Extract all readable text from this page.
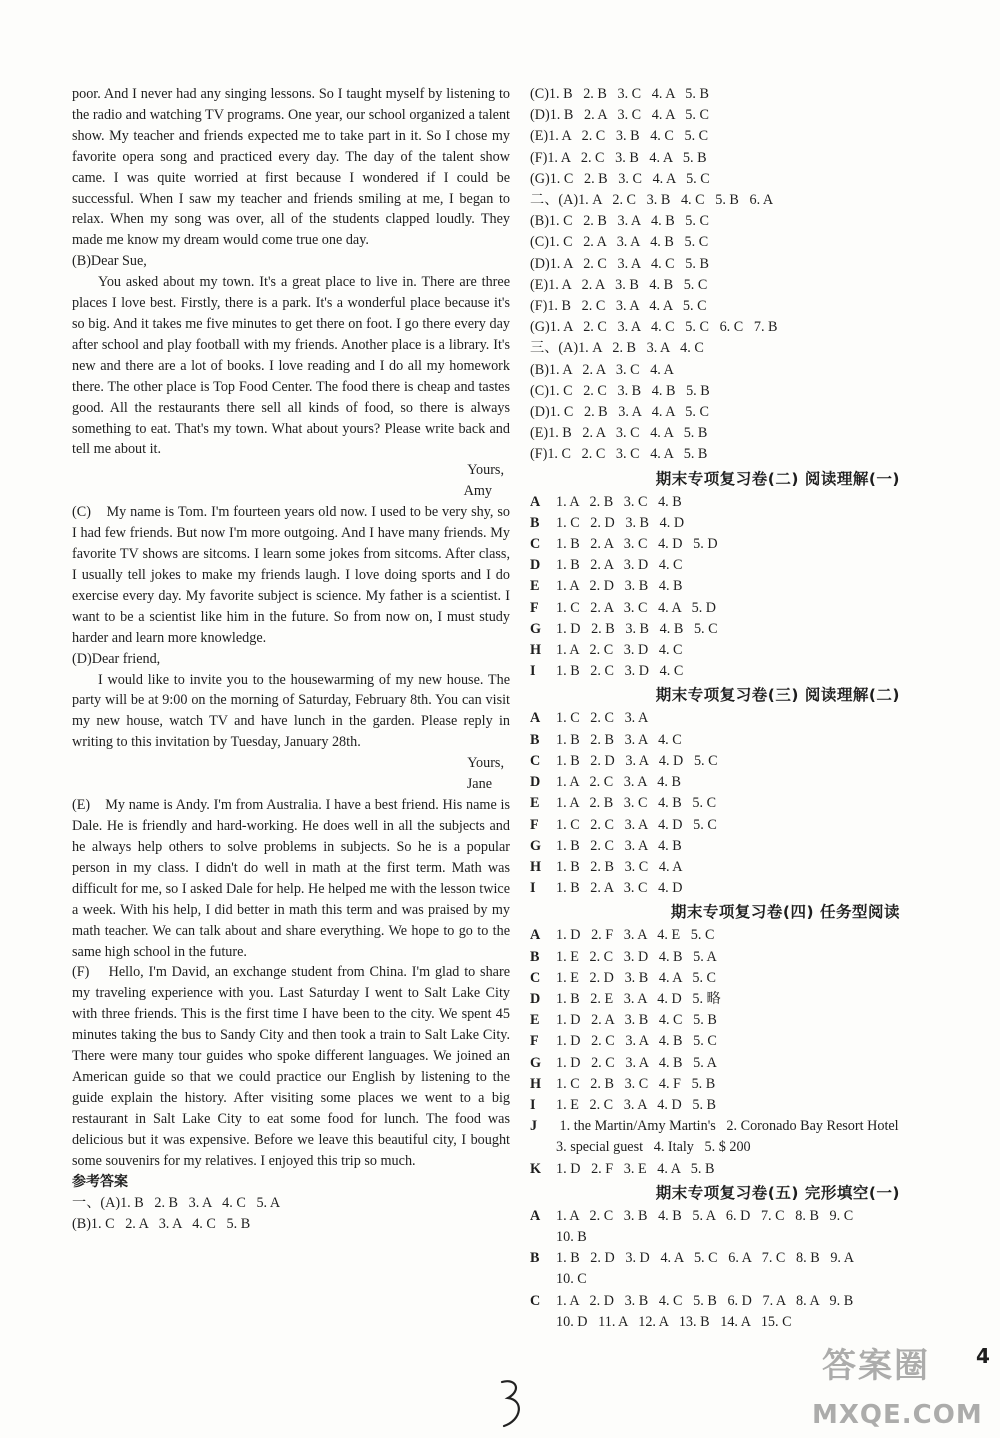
poor. And I never had any singing lessons. So I taught myself by listening to the radio and watching TV programs. One year, our school organized a talent show. My teacher and friends expected me to take part in it. So I chose my favorite opera song and practiced every day. The day of the talent show came. I was quite worried at first because I wondered if I could be successful. When I saw my teacher and friends smiling at me, I began to relax. When my song was over, all of the students clapped loudly. They made me know my dream would come true one day.
(B)Dear Sue,
You asked about my town. It's a great place to live in. There are three places I love best. Firstly, there is a park. It's a wonderful place because it's so big. And it takes me five minutes to get there on foot. I go there every day after school and play football with my friends. Another place is a library. It's new and there are a lot of books. I love reading and I do all my homework there. The other place is Top Food Center. The food there is cheap and tastes good. All the restaurants there sell all kinds of food, so there is always something to eat. That's my town. What about yours? Please write back and tell me about it.
Yours,
Amy
(C)    My name is Tom. I'm fourteen years old now. I used to be very shy, so I had few friends. But now I'm more outgoing. And I have many friends. My favorite TV shows are sitcoms. I learn some jokes from sitcoms. After class, I usually tell jokes to make my friends laugh. I love doing sports and I do exercise every day. My favorite subject is science. My father is a scientist. I want to be a scientist like him in the future. So from now on, I must study harder and learn more knowledge.
(D)Dear friend,
I would like to invite you to the housewarming of my new house. The party will be at 9:00 on the morning of Saturday, February 8th. You can visit my new house, watch TV and have lunch in the garden. Please reply in writing to this invitation by Tuesday, January 28th.
Yours,
Jane
(E)    My name is Andy. I'm from Australia. I have a best friend. His name is Dale. He is friendly and hard-working. He does well in all the subjects and he always help others to solve problems in subjects. So he is a popular person in my class. I didn't do well in math at the first term. Math was difficult for me, so I asked Dale for help. He helped me with the lesson twice a week. With his help, I did better in math this term and was praised by my math teacher. We can talk about and share everything. We hope to go to the same high school in the future.
(F)    Hello, I'm David, an exchange student from China. I'm glad to share my traveling experience with you. Last Saturday I went to Salt Lake City with three friends. This is the first time I have been to the city. We spent 45 minutes taking the bus to Sandy City and then took a train to Salt Lake City. There were many tour guides who spoke different languages. We joined an American guide so that we could practice our English by listening to the guide explain the history. After visiting some places we went to a big restaurant in Salt Lake City to eat some food for lunch. The food was delicious but it was expensive. Before we leave this beautiful city, I bought some souvenirs for my relatives. I enjoyed this trip so much.
参考答案
一、(A)1. B   2. B   3. A   4. C   5. A
(B)1. C   2. A   3. A   4. C   5. B
(C)1. B   2. B   3. C   4. A   5. B
(D)1. B   2. A   3. C   4. A   5. C
(E)1. A   2. C   3. B   4. C   5. C
(F)1. A   2. C   3. B   4. A   5. B
(G)1. C   2. B   3. C   4. A   5. C
二、(A)1. A   2. C   3. B   4. C   5. B   6. A
(B)1. C   2. B   3. A   4. B   5. C
(C)1. C   2. A   3. A   4. B   5. C
(D)1. A   2. C   3. A   4. C   5. B
(E)1. A   2. A   3. B   4. B   5. C
(F)1. B   2. C   3. A   4. A   5. C
(G)1. A   2. C   3. A   4. C   5. C   6. C   7. B
三、(A)1. A   2. B   3. A   4. C
(B)1. A   2. A   3. C   4. A
(C)1. C   2. C   3. B   4. B   5. B
(D)1. C   2. B   3. A   4. A   5. C
(E)1. B   2. A   3. C   4. A   5. B
(F)1. C   2. C   3. C   4. A   5. B
期末专项复习卷(二) 阅读理解(一)
A	1. A   2. B   3. C   4. B
B	1. C   2. D   3. B   4. D
C	1. B   2. A   3. C   4. D   5. D
D	1. B   2. A   3. D   4. C
E	1. A   2. D   3. B   4. B
F	1. C   2. A   3. C   4. A   5. D
G	1. D   2. B   3. B   4. B   5. C
H	1. A   2. C   3. D   4. C
I	1. B   2. C   3. D   4. C
期末专项复习卷(三) 阅读理解(二)
A	1. C   2. C   3. A
B	1. B   2. B   3. A   4. C
C	1. B   2. D   3. A   4. D   5. C
D	1. A   2. C   3. A   4. B
E	1. A   2. B   3. C   4. B   5. C
F	1. C   2. C   3. A   4. D   5. C
G	1. B   2. C   3. A   4. B
H	1. B   2. B   3. C   4. A
I	1. B   2. A   3. C   4. D
期末专项复习卷(四) 任务型阅读
A	1. D   2. F   3. A   4. E   5. C
B	1. E   2. C   3. D   4. B   5. A
C	1. E   2. D   3. B   4. A   5. C
D	1. B   2. E   3. A   4. D   5. 略
E	1. D   2. A   3. B   4. C   5. B
F	1. D   2. C   3. A   4. B   5. C
G	1. D   2. C   3. A   4. B   5. A
H	1. C   2. B   3. C   4. F   5. B
I	1. E   2. C   3. A   4. D   5. B
J	1. the Martin/Amy Martin's   2. Coronado Bay Resort Hotel
3. special guest   4. Italy   5. $ 200
K	1. D   2. F   3. E   4. A   5. B
期末专项复习卷(五) 完形填空(一)
A	1. A   2. C   3. B   4. B   5. A   6. D   7. C   8. B   9. C
10. B
B	1. B   2. D   3. D   4. A   5. C   6. A   7. C   8. B   9. A
10. C
C	1. A   2. D   3. B   4. C   5. B   6. D   7. A   8. A   9. B
10. D   11. A   12. A   13. B   14. A   15. C
4
答案圈
MXQE.COM
